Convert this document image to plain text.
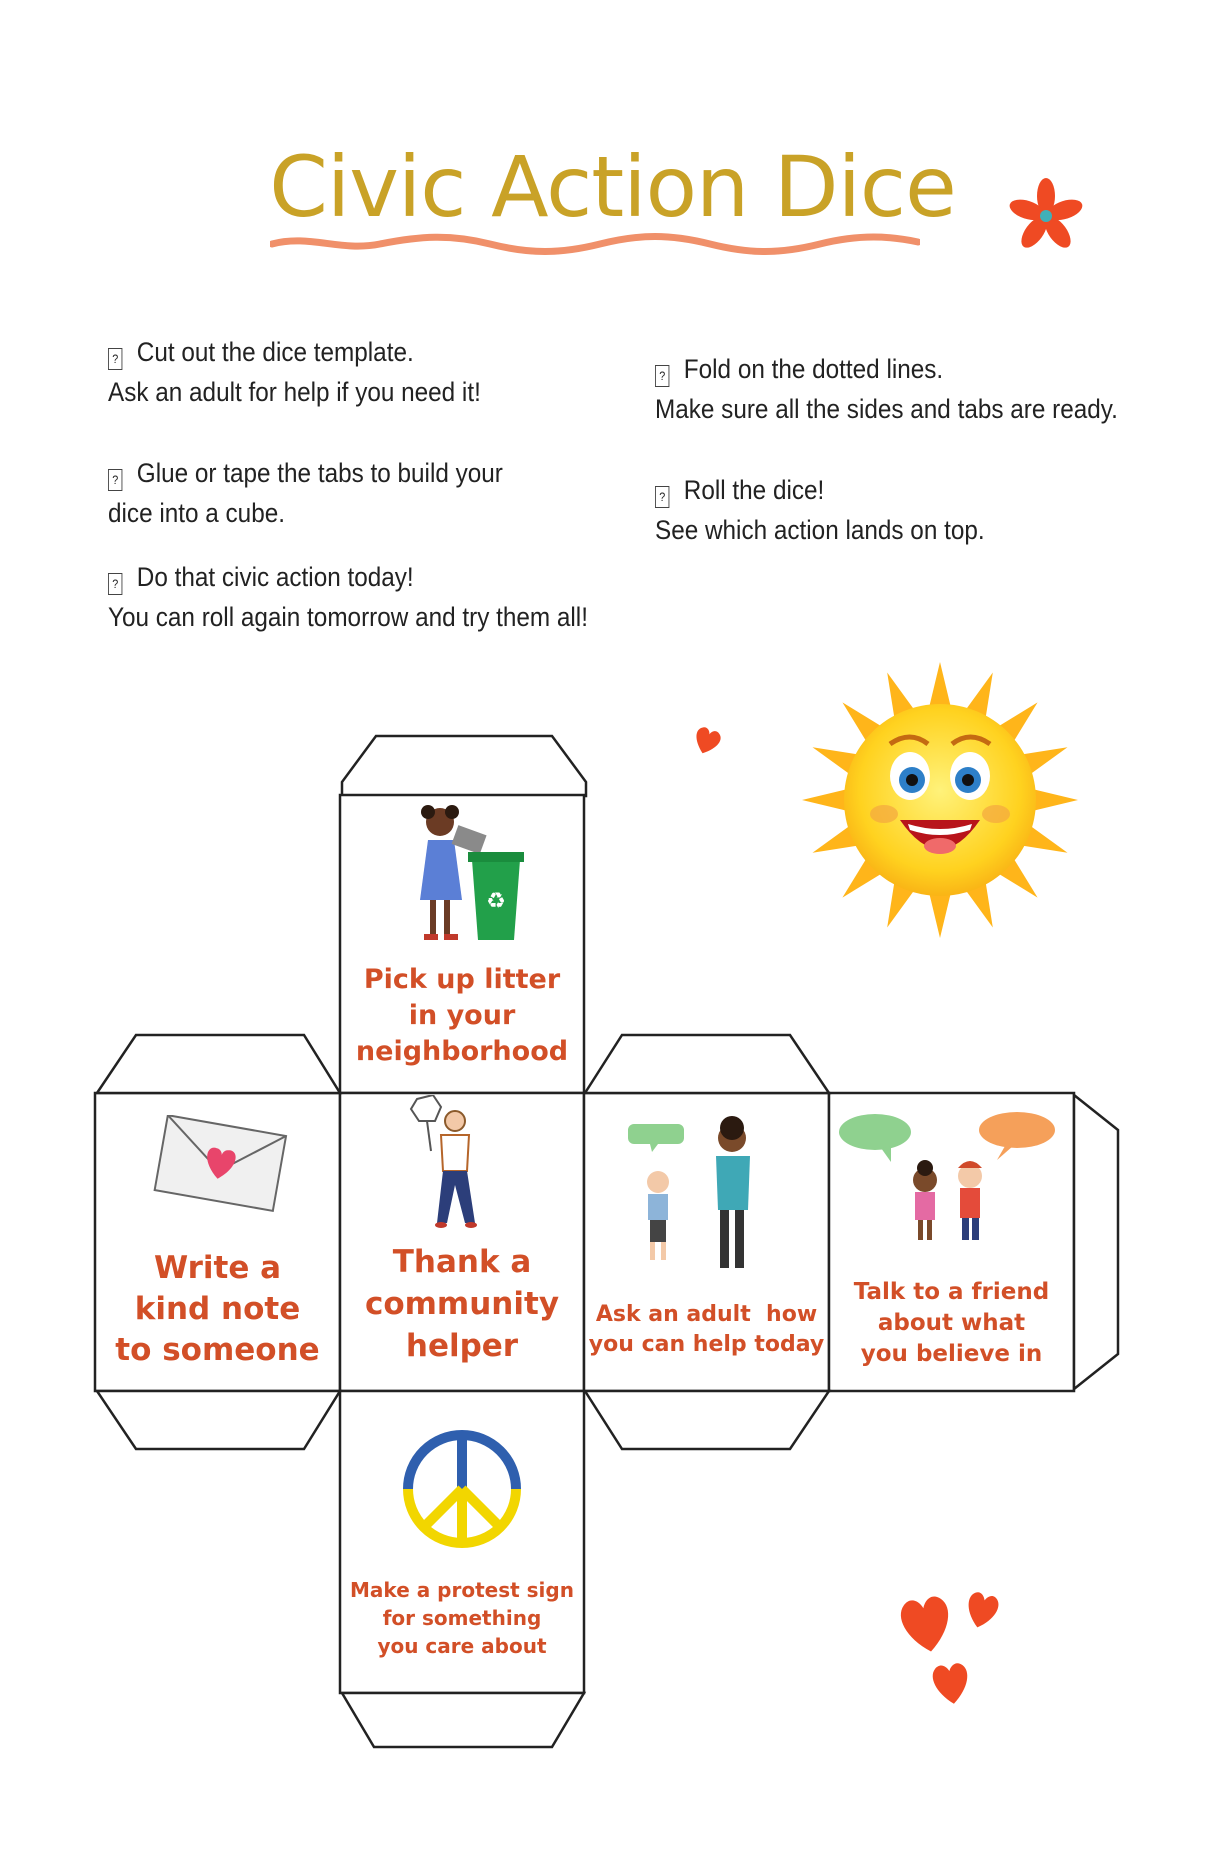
Civic Action Dice
? Cut out the dice template.
Ask an adult for help if you need it!
? Fold on the dotted lines.
Make sure all the sides and tabs are ready.
? Glue or tape the tabs to build your
dice into a cube.
? Roll the dice!
See which action lands on top.
? Do that civic action today!
You can roll again tomorrow and try them all!
♻
Pick up litter
in your
neighborhood
Write a
kind note
to someone
Thank a
community
helper
Ask an adult  how
you can help today
Talk to a friend
about what
you believe in
Make a protest sign
for something
you care about
